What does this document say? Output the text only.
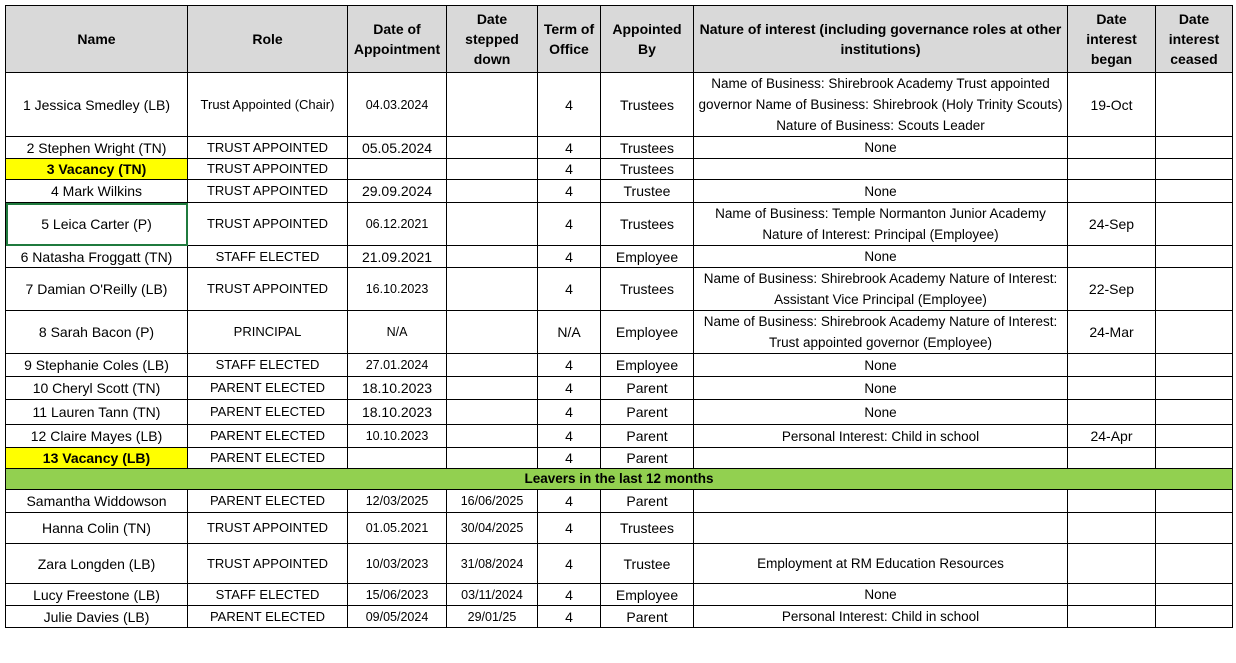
Name	Role	Date of Appointment	Date stepped down	Term of Office	Appointed By	Nature of interest (including governance roles at other institutions)	Date interest began	Date interest ceased
1 Jessica Smedley (LB)	Trust Appointed (Chair)	04.03.2024		4	Trustees	Name of Business: Shirebrook Academy Trust appointed governor Name of Business: Shirebrook (Holy Trinity Scouts) Nature of Business: Scouts Leader	19-Oct	
2 Stephen Wright (TN)	TRUST APPOINTED	05.05.2024		4	Trustees	None		
3 Vacancy (TN)	TRUST APPOINTED			4	Trustees			
4 Mark Wilkins	TRUST APPOINTED	29.09.2024		4	Trustee	None		
5 Leica Carter (P)	TRUST APPOINTED	06.12.2021		4	Trustees	Name of Business: Temple Normanton Junior Academy Nature of Interest: Principal (Employee)	24-Sep	
6 Natasha Froggatt (TN)	STAFF ELECTED	21.09.2021		4	Employee	None		
7 Damian O'Reilly (LB)	TRUST APPOINTED	16.10.2023		4	Trustees	Name of Business: Shirebrook Academy Nature of Interest: Assistant Vice Principal (Employee)	22-Sep	
8 Sarah Bacon (P)	PRINCIPAL	N/A		N/A	Employee	Name of Business: Shirebrook Academy Nature of Interest: Trust appointed governor (Employee)	24-Mar	
9 Stephanie Coles (LB)	STAFF ELECTED	27.01.2024		4	Employee	None		
10 Cheryl Scott (TN)	PARENT ELECTED	18.10.2023		4	Parent	None		
11 Lauren Tann (TN)	PARENT ELECTED	18.10.2023		4	Parent	None		
12 Claire Mayes (LB)	PARENT ELECTED	10.10.2023		4	Parent	Personal Interest: Child in school	24-Apr	
13 Vacancy (LB)	PARENT ELECTED			4	Parent			
Leavers in the last 12 months								
Samantha Widdowson	PARENT ELECTED	12/03/2025	16/06/2025	4	Parent			
Hanna Colin (TN)	TRUST APPOINTED	01.05.2021	30/04/2025	4	Trustees			
Zara Longden (LB)	TRUST APPOINTED	10/03/2023	31/08/2024	4	Trustee	Employment at RM Education Resources		
Lucy Freestone (LB)	STAFF ELECTED	15/06/2023	03/11/2024	4	Employee	None		
Julie Davies (LB)	PARENT ELECTED	09/05/2024	29/01/25	4	Parent	Personal Interest: Child in school		
